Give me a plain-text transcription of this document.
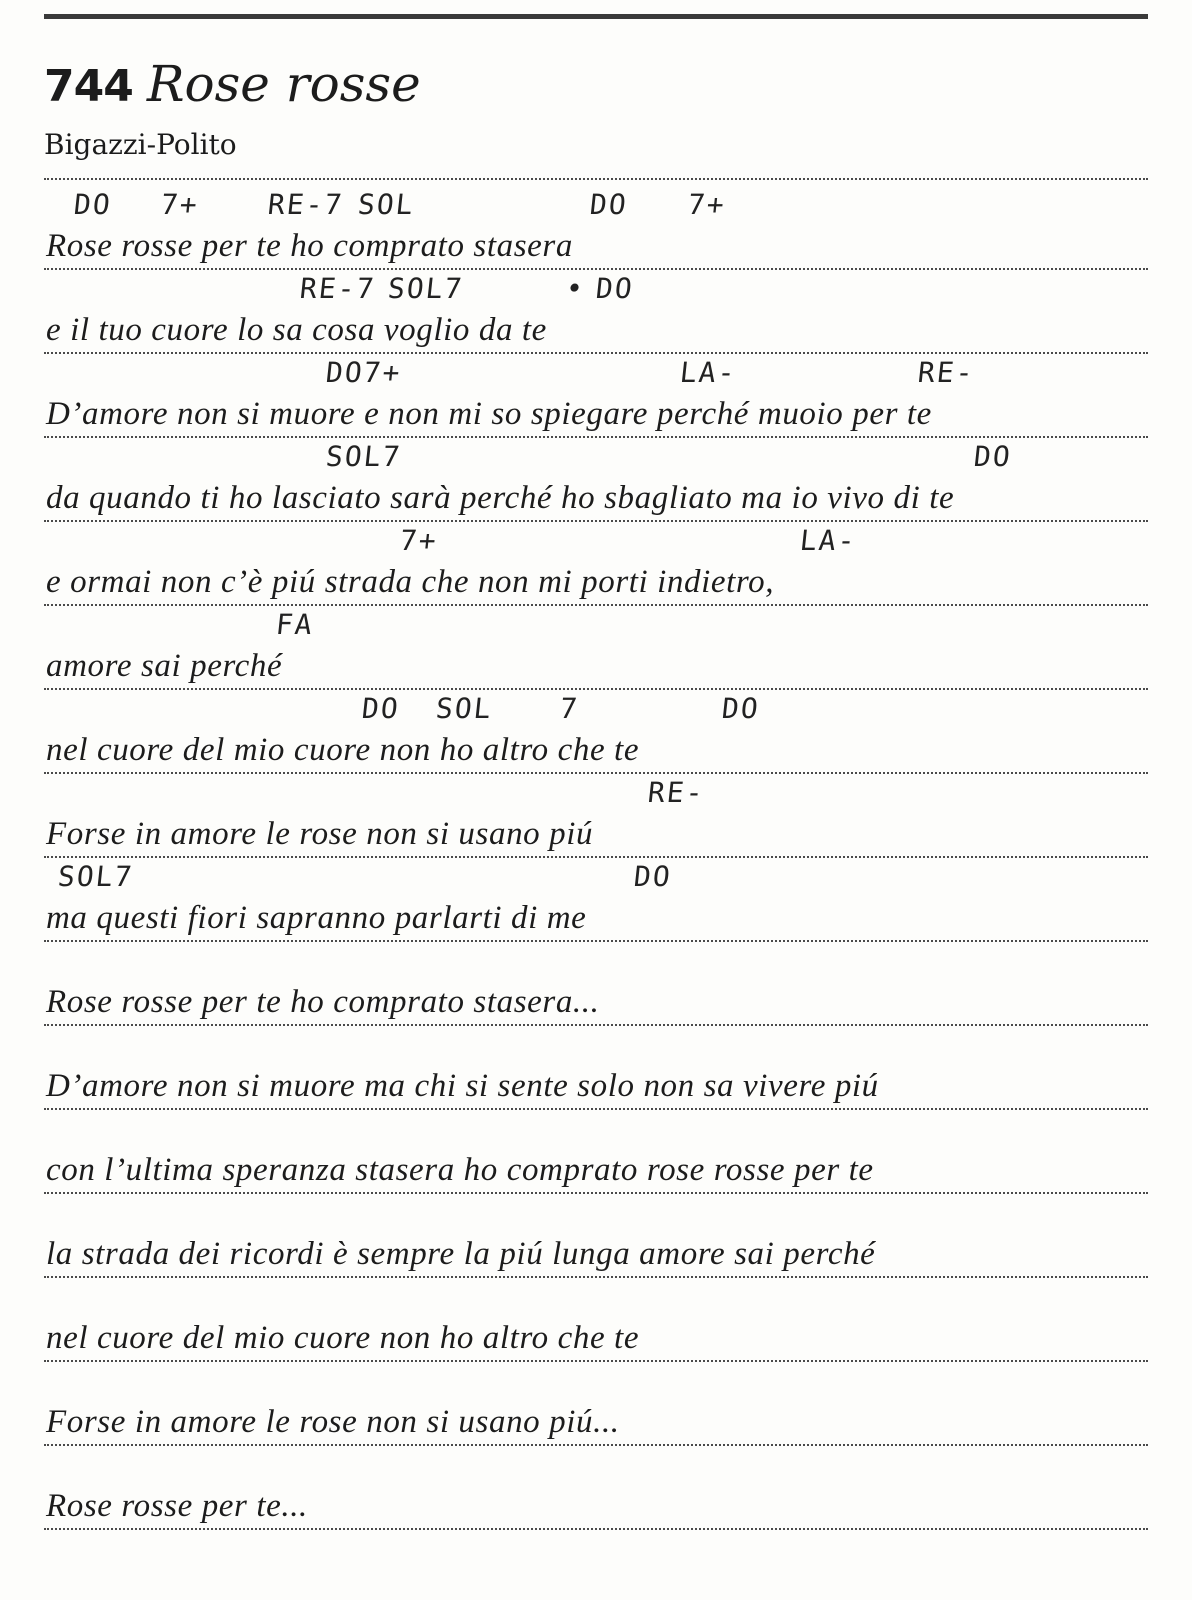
744 Rose rosse
Bigazzi-Polito
Rose rosse per te ho comprato stasera
DO 7+ RE-7 SOL	DO 7+
e il tuo cuore lo sa cosa voglio da te
RE-7 SOL7	• DO
D’amore non si muore e non mi so spiegare perché muoio per te
DO7+	LA-	RE-
da quando ti ho lasciato sarà perché ho sbagliato ma io vivo di te
SOL7	DO
e ormai non c’è piú strada che non mi porti indietro,
7+	LA-
amore sai perché
FA
nel cuore del mio cuore non ho altro che te
DO SOL 7	DO
Forse in amore le rose non si usano piú
RE-
ma questi fiori sapranno parlarti di me
SOL7	DO
Rose rosse per te ho comprato stasera...
D’amore non si muore ma chi si sente solo non sa vivere piú
con l’ultima speranza stasera ho comprato rose rosse per te
la strada dei ricordi è sempre la piú lunga amore sai perché
nel cuore del mio cuore non ho altro che te
Forse in amore le rose non si usano piú...
Rose rosse per te...
